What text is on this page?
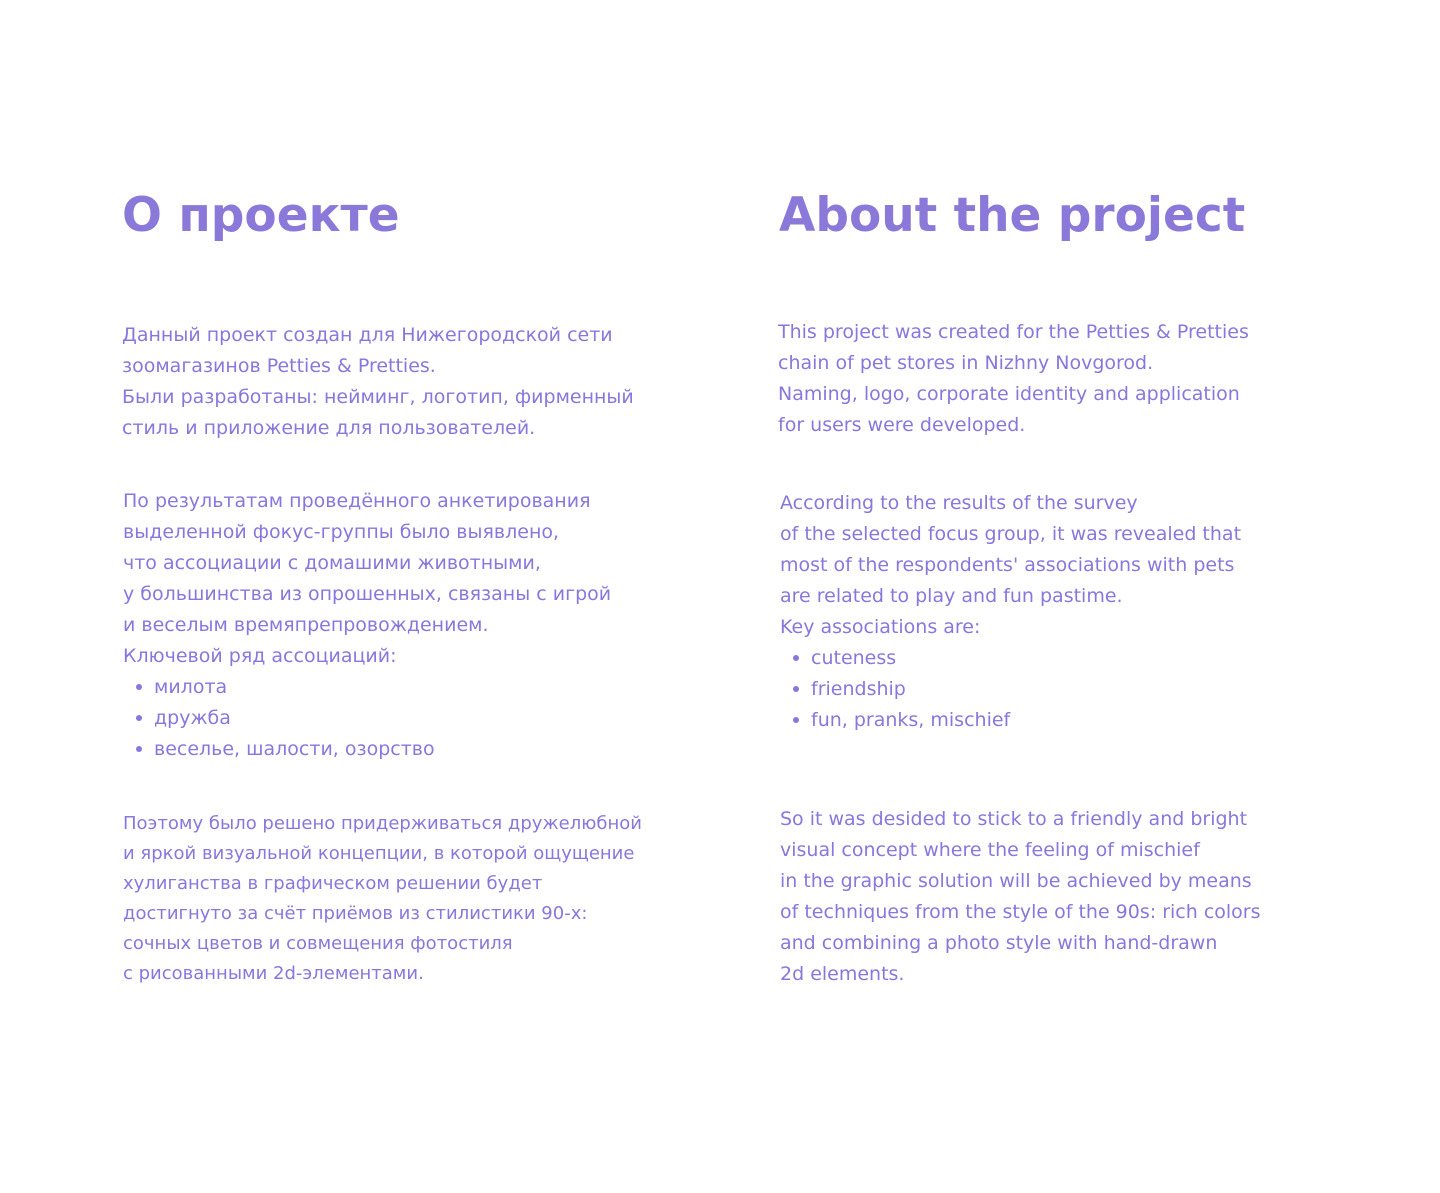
О проекте

Данный проект создан для Нижегородской сети

зоомагазинов Petties & Pretties.

Были разработаны: нейминг, логотип, фирменный

стиль и приложение для пользователей.

По результатам проведённого анкетирования

выделенной фокус-группы было выявлено,

что ассоциации с домашими животными,

у большинства из опрошенных, связаны с игрой

и веселым времяпрепровождением.

Ключевой ряд ассоциаций:

милота
дружба
веселье, шалости, озорство

Поэтому было решено придерживаться дружелюбной

и яркой визуальной концепции, в которой ощущение

хулиганства в графическом решении будет

достигнуто за счёт приёмов из стилистики 90-х:

сочных цветов и совмещения фотостиля

с рисованными 2d-элементами.

About the project

This project was created for the Petties & Pretties

chain of pet stores in Nizhny Novgorod.

Naming, logo, corporate identity and application

for users were developed.

According to the results of the survey

of the selected focus group, it was revealed that

most of the respondents' associations with pets

are related to play and fun pastime.

Key associations are:

cuteness
friendship
fun, pranks, mischief

So it was desided to stick to a friendly and bright

visual concept where the feeling of mischief

in the graphic solution will be achieved by means

of techniques from the style of the 90s: rich colors

and combining a photo style with hand-drawn

2d elements.
